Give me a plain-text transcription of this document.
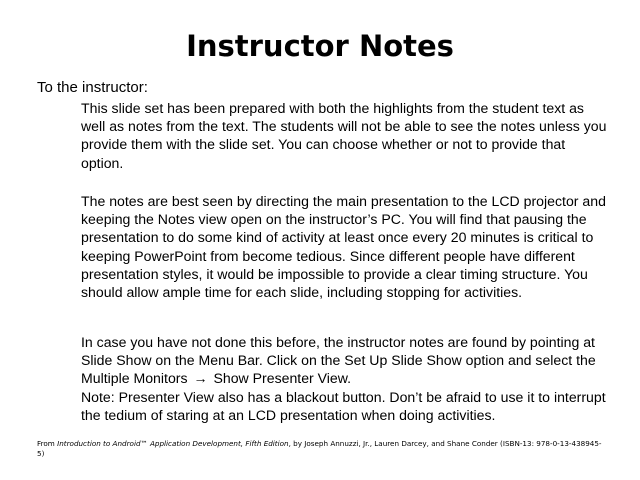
Instructor Notes

To the instructor:

This slide set has been prepared with both the highlights from the student text as well as notes from the text. The students will not be able to see the notes unless you provide them with the slide set. You can choose whether or not to provide that option.

The notes are best seen by directing the main presentation to the LCD projector and keeping the Notes view open on the instructor’s PC. You will find that pausing the presentation to do some kind of activity at least once every 20 minutes is critical to keeping PowerPoint from become tedious. Since different people have different presentation styles, it would be impossible to provide a clear timing structure. You should allow ample time for each slide, including stopping for activities.

In case you have not done this before, the instructor notes are found by pointing at Slide Show on the Menu Bar. Click on the Set Up Slide Show option and select the Multiple Monitors → Show Presenter View.

Note: Presenter View also has a blackout button. Don’t be afraid to use it to interrupt the tedium of staring at an LCD presentation when doing activities.

From Introduction to Android™ Application Development, Fifth Edition, by Joseph Annuzzi, Jr., Lauren Darcey, and Shane Conder (ISBN-13: 978-0-13-438945-5)
